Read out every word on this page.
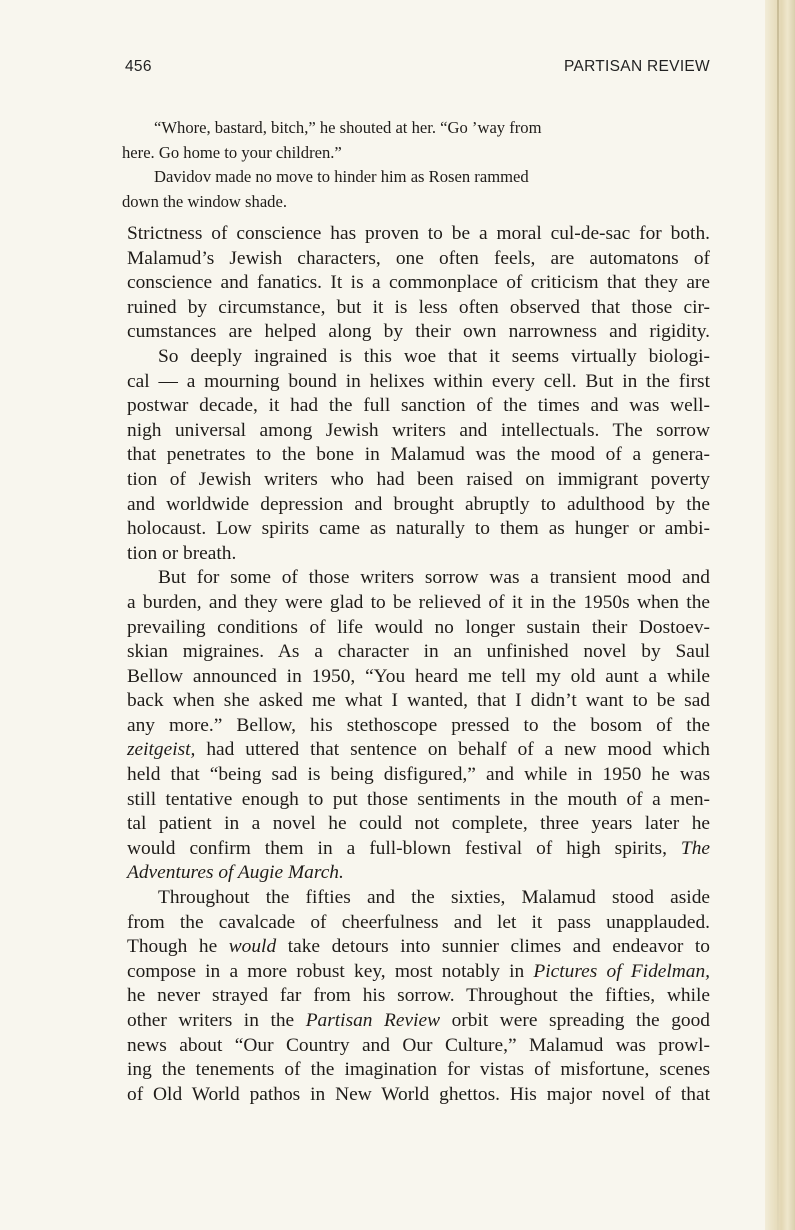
456	PARTISAN REVIEW
“Whore, bastard, bitch,” he shouted at her. “Go ’way from
here. Go home to your children.”
Davidov made no move to hinder him as Rosen rammed
down the window shade.
Strictness of conscience has proven to be a moral cul-de-sac for both.
Malamud’s Jewish characters, one often feels, are automatons of
conscience and fanatics. It is a commonplace of criticism that they are
ruined by circumstance, but it is less often observed that those cir-
cumstances are helped along by their own narrowness and rigidity.
So deeply ingrained is this woe that it seems virtually biologi-
cal — a mourning bound in helixes within every cell. But in the first
postwar decade, it had the full sanction of the times and was well-
nigh universal among Jewish writers and intellectuals. The sorrow
that penetrates to the bone in Malamud was the mood of a genera-
tion of Jewish writers who had been raised on immigrant poverty
and worldwide depression and brought abruptly to adulthood by the
holocaust. Low spirits came as naturally to them as hunger or ambi-
tion or breath.
But for some of those writers sorrow was a transient mood and
a burden, and they were glad to be relieved of it in the 1950s when the
prevailing conditions of life would no longer sustain their Dostoev-
skian migraines. As a character in an unfinished novel by Saul
Bellow announced in 1950, “You heard me tell my old aunt a while
back when she asked me what I wanted, that I didn’t want to be sad
any more.” Bellow, his stethoscope pressed to the bosom of the
zeitgeist, had uttered that sentence on behalf of a new mood which
held that “being sad is being disfigured,” and while in 1950 he was
still tentative enough to put those sentiments in the mouth of a men-
tal patient in a novel he could not complete, three years later he
would confirm them in a full-blown festival of high spirits, The
Adventures of Augie March.
Throughout the fifties and the sixties, Malamud stood aside
from the cavalcade of cheerfulness and let it pass unapplauded.
Though he would take detours into sunnier climes and endeavor to
compose in a more robust key, most notably in Pictures of Fidelman,
he never strayed far from his sorrow. Throughout the fifties, while
other writers in the Partisan Review orbit were spreading the good
news about “Our Country and Our Culture,” Malamud was prowl-
ing the tenements of the imagination for vistas of misfortune, scenes
of Old World pathos in New World ghettos. His major novel of that
